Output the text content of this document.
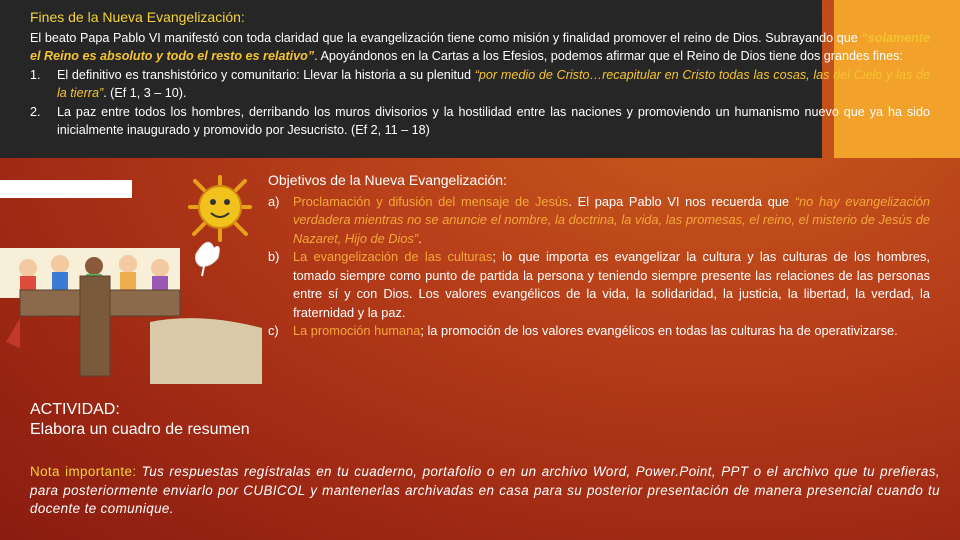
Fines de la Nueva Evangelización:

El beato Papa Pablo VI manifestó con toda claridad que la evangelización tiene como misión y finalidad promover el reino de Dios. Subrayando que “solamente el Reino es absoluto y todo el resto es relativo”. Apoyándonos en la Cartas a los Efesios, podemos afirmar que el Reino de Dios tiene dos grandes fines:

1. El definitivo es transhistórico y comunitario: Llevar la historia a su plenitud “por medio de Cristo…recapitular en Cristo todas las cosas, las del Cielo y las de la tierra”. (Ef 1, 3 – 10).
2. La paz entre todos los hombres, derribando los muros divisorios y la hostilidad entre las naciones y promoviendo un humanismo nuevo que ya ha sido inicialmente inaugurado y promovido por Jesucristo. (Ef 2, 11 – 18)
Objetivos de la Nueva Evangelización:
a) Proclamación y difusión del mensaje de Jesús. El papa Pablo VI nos recuerda que “no hay evangelización verdadera mientras no se anuncie el nombre, la doctrina, la vida, las promesas, el reino, el misterio de Jesús de Nazaret, Hijo de Dios”.
b) La evangelización de las culturas; lo que importa es evangelizar la cultura y las culturas de los hombres, tomado siempre como punto de partida la persona y teniendo siempre presente las relaciones de las personas entre sí y con Dios. Los valores evangélicos de la vida, la solidaridad, la justicia, la libertad, la verdad, la fraternidad y la paz.
c) La promoción humana; la promoción de los valores evangélicos en todas las culturas ha de operativizarse.
ACTIVIDAD:
Elabora un cuadro de resumen
Nota importante: Tus respuestas regístralas en tu cuaderno, portafolio o en un archivo Word, Power.Point, PPT o el archivo que tu prefieras, para posteriormente enviarlo por CUBICOL y mantenerlas archivadas en casa para su posterior presentación de manera presencial cuando tu docente te comunique.
